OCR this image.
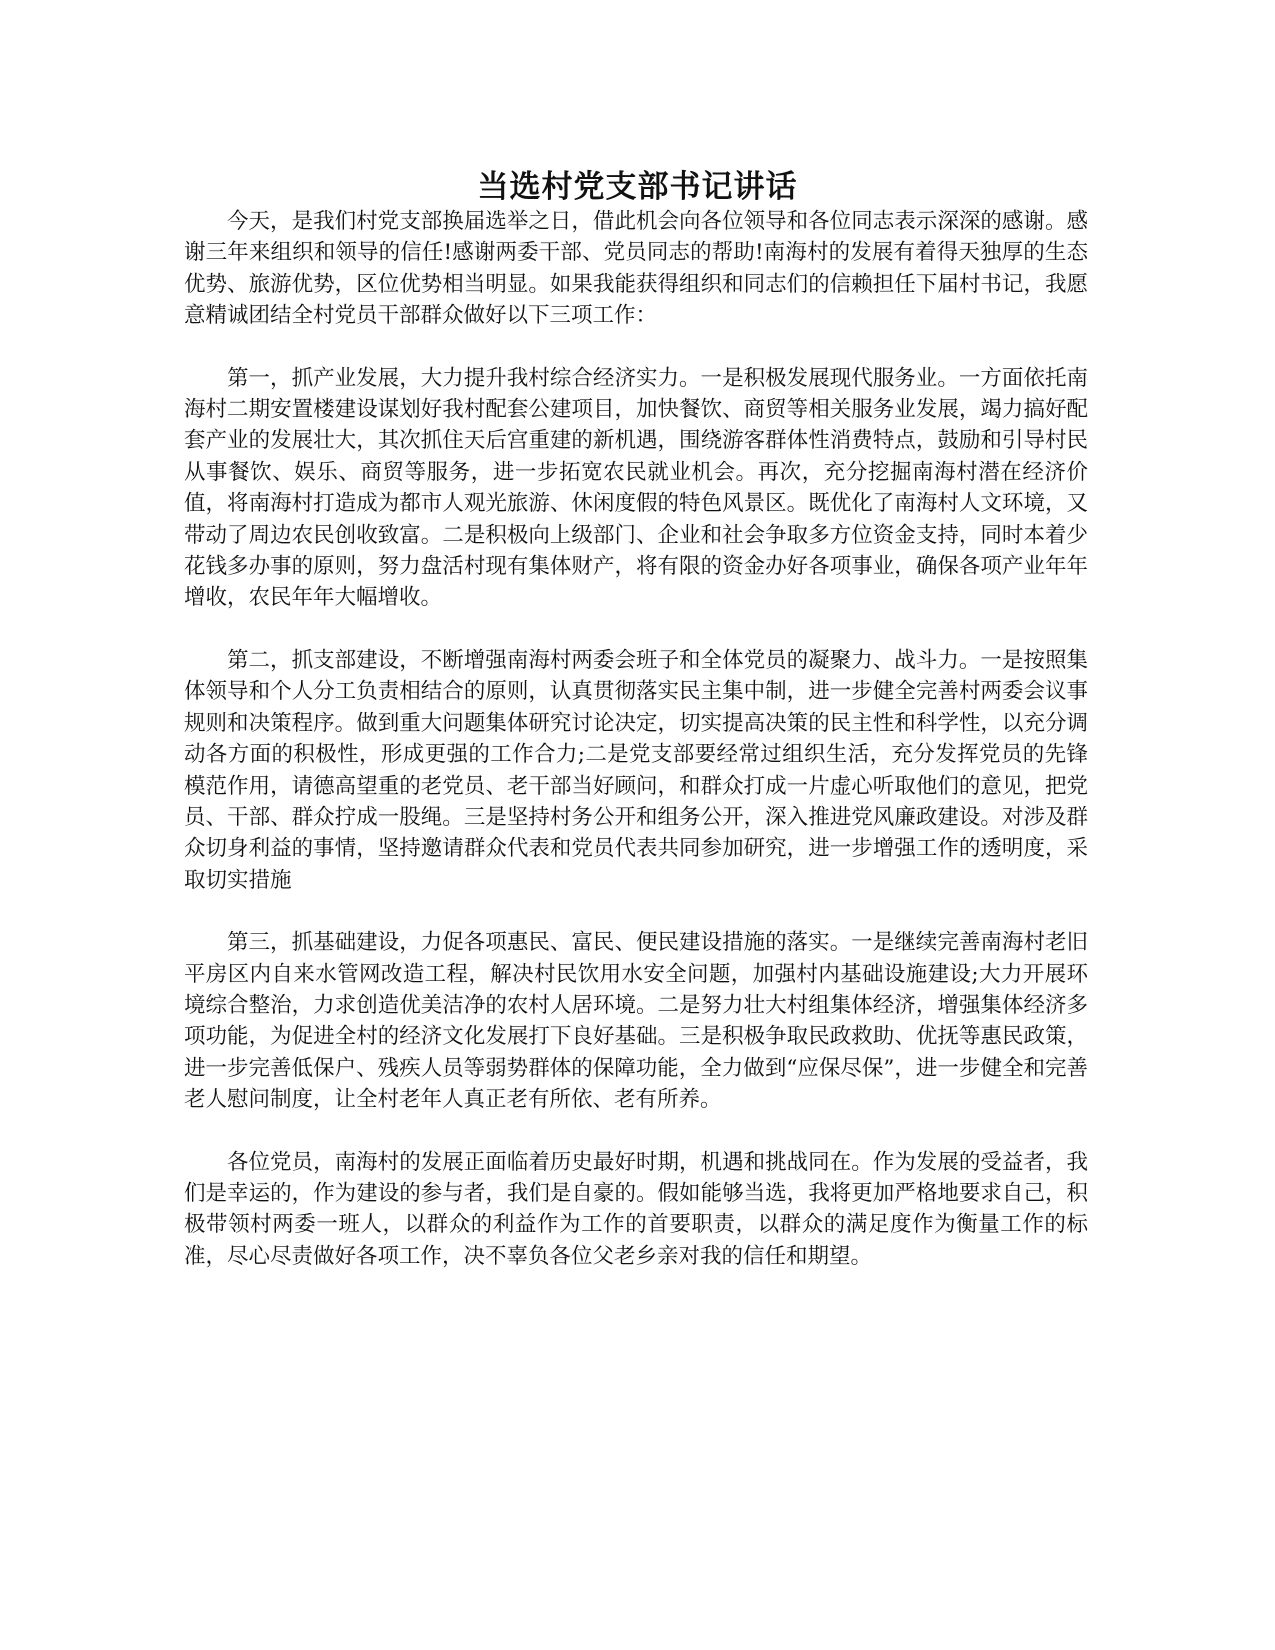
当选村党支部书记讲话

今天，是我们村党支部换届选举之日，借此机会向各位领导和各位同志表示深深的感谢。感谢三年来组织和领导的信任!感谢两委干部、党员同志的帮助!南海村的发展有着得天独厚的生态优势、旅游优势，区位优势相当明显。如果我能获得组织和同志们的信赖担任下届村书记，我愿意精诚团结全村党员干部群众做好以下三项工作：

第一，抓产业发展，大力提升我村综合经济实力。一是积极发展现代服务业。一方面依托南海村二期安置楼建设谋划好我村配套公建项目，加快餐饮、商贸等相关服务业发展，竭力搞好配套产业的发展壮大，其次抓住天后宫重建的新机遇，围绕游客群体性消费特点，鼓励和引导村民从事餐饮、娱乐、商贸等服务，进一步拓宽农民就业机会。再次，充分挖掘南海村潜在经济价值，将南海村打造成为都市人观光旅游、休闲度假的特色风景区。既优化了南海村人文环境，又带动了周边农民创收致富。二是积极向上级部门、企业和社会争取多方位资金支持，同时本着少花钱多办事的原则，努力盘活村现有集体财产，将有限的资金办好各项事业，确保各项产业年年增收，农民年年大幅增收。

第二，抓支部建设，不断增强南海村两委会班子和全体党员的凝聚力、战斗力。一是按照集体领导和个人分工负责相结合的原则，认真贯彻落实民主集中制，进一步健全完善村两委会议事规则和决策程序。做到重大问题集体研究讨论决定，切实提高决策的民主性和科学性，以充分调动各方面的积极性，形成更强的工作合力;二是党支部要经常过组织生活，充分发挥党员的先锋模范作用，请德高望重的老党员、老干部当好顾问，和群众打成一片虚心听取他们的意见，把党员、干部、群众拧成一股绳。三是坚持村务公开和组务公开，深入推进党风廉政建设。对涉及群众切身利益的事情，坚持邀请群众代表和党员代表共同参加研究，进一步增强工作的透明度，采取切实措施

第三，抓基础建设，力促各项惠民、富民、便民建设措施的落实。一是继续完善南海村老旧平房区内自来水管网改造工程，解决村民饮用水安全问题，加强村内基础设施建设;大力开展环境综合整治，力求创造优美洁净的农村人居环境。二是努力壮大村组集体经济，增强集体经济多项功能，为促进全村的经济文化发展打下良好基础。三是积极争取民政救助、优抚等惠民政策，进一步完善低保户、残疾人员等弱势群体的保障功能，全力做到“应保尽保”，进一步健全和完善老人慰问制度，让全村老年人真正老有所依、老有所养。

各位党员，南海村的发展正面临着历史最好时期，机遇和挑战同在。作为发展的受益者，我们是幸运的，作为建设的参与者，我们是自豪的。假如能够当选，我将更加严格地要求自己，积极带领村两委一班人，以群众的利益作为工作的首要职责，以群众的满足度作为衡量工作的标准，尽心尽责做好各项工作，决不辜负各位父老乡亲对我的信任和期望。
